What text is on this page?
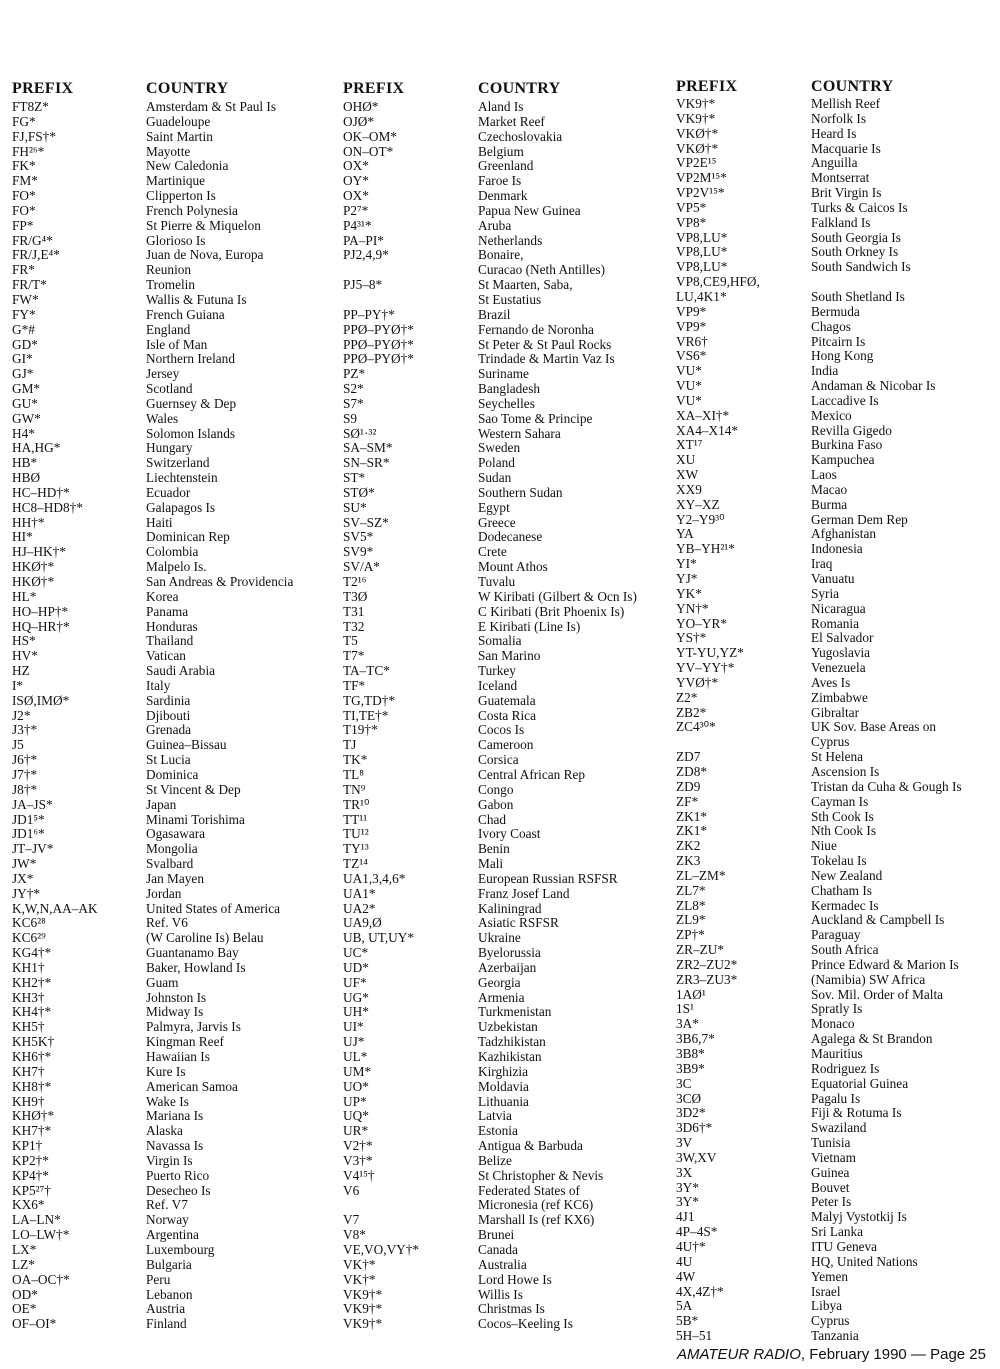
PREFIX	COUNTRY
FT8Z*	Amsterdam & St Paul Is
FG*	Guadeloupe
FJ,FS†*	Saint Martin
FH²⁶*	Mayotte
FK*	New Caledonia
FM*	Martinique
FO*	Clipperton Is
FO*	French Polynesia
FP*	St Pierre & Miquelon
FR/G⁴*	Glorioso Is
FR/J,E⁴*	Juan de Nova, Europa
FR*	Reunion
FR/T*	Tromelin
FW*	Wallis & Futuna Is
FY*	French Guiana
G*#	England
GD*	Isle of Man
GI*	Northern Ireland
GJ*	Jersey
GM*	Scotland
GU*	Guernsey & Dep
GW*	Wales
H4*	Solomon Islands
HA,HG*	Hungary
HB*	Switzerland
HBØ	Liechtenstein
HC–HD†*	Ecuador
HC8–HD8†*	Galapagos Is
HH†*	Haiti
HI*	Dominican Rep
HJ–HK†*	Colombia
HKØ†*	Malpelo Is.
HKØ†*	San Andreas & Providencia
HL*	Korea
HO–HP†*	Panama
HQ–HR†*	Honduras
HS*	Thailand
HV*	Vatican
HZ	Saudi Arabia
I*	Italy
ISØ,IMØ*	Sardinia
J2*	Djibouti
J3†*	Grenada
J5	Guinea–Bissau
J6†*	St Lucia
J7†*	Dominica
J8†*	St Vincent & Dep
JA–JS*	Japan
JD1⁵*	Minami Torishima
JD1⁶*	Ogasawara
JT–JV*	Mongolia
JW*	Svalbard
JX*	Jan Mayen
JY†*	Jordan
K,W,N,AA–AK	United States of America
KC6²⁸	Ref. V6
KC6²⁹	(W Caroline Is) Belau
KG4†*	Guantanamo Bay
KH1†	Baker, Howland Is
KH2†*	Guam
KH3†	Johnston Is
KH4†*	Midway Is
KH5†	Palmyra, Jarvis Is
KH5K†	Kingman Reef
KH6†*	Hawaiian Is
KH7†	Kure Is
KH8†*	American Samoa
KH9†	Wake Is
KHØ†*	Mariana Is
KH7†*	Alaska
KP1†	Navassa Is
KP2†*	Virgin Is
KP4†*	Puerto Rico
KP5²⁷†	Desecheo Is
KX6*	Ref. V7
LA–LN*	Norway
LO–LW†*	Argentina
LX*	Luxembourg
LZ*	Bulgaria
OA–OC†*	Peru
OD*	Lebanon
OE*	Austria
OF–OI*	Finland
PREFIX	COUNTRY
OHØ*	Aland Is
OJØ*	Market Reef
OK–OM*	Czechoslovakia
ON–OT*	Belgium
OX*	Greenland
OY*	Faroe Is
OX*	Denmark
P2⁷*	Papua New Guinea
P4³¹*	Aruba
PA–PI*	Netherlands
PJ2,4,9*	Bonaire,
Curacao (Neth Antilles)
PJ5–8*	St Maarten, Saba,
St Eustatius
PP–PY†*	Brazil
PPØ–PYØ†*	Fernando de Noronha
PPØ–PYØ†*	St Peter & St Paul Rocks
PPØ–PYØ†*	Trindade & Martin Vaz Is
PZ*	Suriname
S2*	Bangladesh
S7*	Seychelles
S9	Sao Tome & Principe
SØ¹·³²	Western Sahara
SA–SM*	Sweden
SN–SR*	Poland
ST*	Sudan
STØ*	Southern Sudan
SU*	Egypt
SV–SZ*	Greece
SV5*	Dodecanese
SV9*	Crete
SV/A*	Mount Athos
T2¹⁶	Tuvalu
T3Ø	W Kiribati (Gilbert & Ocn Is)
T31	C Kiribati (Brit Phoenix Is)
T32	E Kiribati (Line Is)
T5	Somalia
T7*	San Marino
TA–TC*	Turkey
TF*	Iceland
TG,TD†*	Guatemala
TI,TE†*	Costa Rica
T19†*	Cocos Is
TJ	Cameroon
TK*	Corsica
TL⁸	Central African Rep
TN⁹	Congo
TR¹⁰	Gabon
TT¹¹	Chad
TU¹²	Ivory Coast
TY¹³	Benin
TZ¹⁴	Mali
UA1,3,4,6*	European Russian RSFSR
UA1*	Franz Josef Land
UA2*	Kaliningrad
UA9,Ø	Asiatic RSFSR
UB, UT,UY*	Ukraine
UC*	Byelorussia
UD*	Azerbaijan
UF*	Georgia
UG*	Armenia
UH*	Turkmenistan
UI*	Uzbekistan
UJ*	Tadzhikistan
UL*	Kazhikistan
UM*	Kirghizia
UO*	Moldavia
UP*	Lithuania
UQ*	Latvia
UR*	Estonia
V2†*	Antigua & Barbuda
V3†*	Belize
V4¹⁵†	St Christopher & Nevis
V6	Federated States of
Micronesia (ref KC6)
V7	Marshall Is (ref KX6)
V8*	Brunei
VE,VO,VY†*	Canada
VK†*	Australia
VK†*	Lord Howe Is
VK9†*	Willis Is
VK9†*	Christmas Is
VK9†*	Cocos–Keeling Is
PREFIX	COUNTRY
VK9†*	Mellish Reef
VK9†*	Norfolk Is
VKØ†*	Heard Is
VKØ†*	Macquarie Is
VP2E¹⁵	Anguilla
VP2M¹⁵*	Montserrat
VP2V¹⁵*	Brit Virgin Is
VP5*	Turks & Caicos Is
VP8*	Falkland Is
VP8,LU*	South Georgia Is
VP8,LU*	South Orkney Is
VP8,LU*	South Sandwich Is
VP8,CE9,HFØ,
LU,4K1*	South Shetland Is
VP9*	Bermuda
VP9*	Chagos
VR6†	Pitcairn Is
VS6*	Hong Kong
VU*	India
VU*	Andaman & Nicobar Is
VU*	Laccadive Is
XA–XI†*	Mexico
XA4–X14*	Revilla Gigedo
XT¹⁷	Burkina Faso
XU	Kampuchea
XW	Laos
XX9	Macao
XY–XZ	Burma
Y2–Y9³⁰	German Dem Rep
YA	Afghanistan
YB–YH²¹*	Indonesia
YI*	Iraq
YJ*	Vanuatu
YK*	Syria
YN†*	Nicaragua
YO–YR*	Romania
YS†*	El Salvador
YT-YU,YZ*	Yugoslavia
YV–YY†*	Venezuela
YVØ†*	Aves Is
Z2*	Zimbabwe
ZB2*	Gibraltar
ZC4³⁰*	UK Sov. Base Areas on
Cyprus
ZD7	St Helena
ZD8*	Ascension Is
ZD9	Tristan da Cuha & Gough Is
ZF*	Cayman Is
ZK1*	Sth Cook Is
ZK1*	Nth Cook Is
ZK2	Niue
ZK3	Tokelau Is
ZL–ZM*	New Zealand
ZL7*	Chatham Is
ZL8*	Kermadec Is
ZL9*	Auckland & Campbell Is
ZP†*	Paraguay
ZR–ZU*	South Africa
ZR2–ZU2*	Prince Edward & Marion Is
ZR3–ZU3*	(Namibia) SW Africa
1AØ¹	Sov. Mil. Order of Malta
1S¹	Spratly Is
3A*	Monaco
3B6,7*	Agalega & St Brandon
3B8*	Mauritius
3B9*	Rodriguez Is
3C	Equatorial Guinea
3CØ	Pagalu Is
3D2*	Fiji & Rotuma Is
3D6†*	Swaziland
3V	Tunisia
3W,XV	Vietnam
3X	Guinea
3Y*	Bouvet
3Y*	Peter Is
4J1	Malyj Vystotkij Is
4P–4S*	Sri Lanka
4U†*	ITU Geneva
4U	HQ, United Nations
4W	Yemen
4X,4Z†*	Israel
5A	Libya
5B*	Cyprus
5H–51	Tanzania
AMATEUR RADIO, February 1990 — Page 25
